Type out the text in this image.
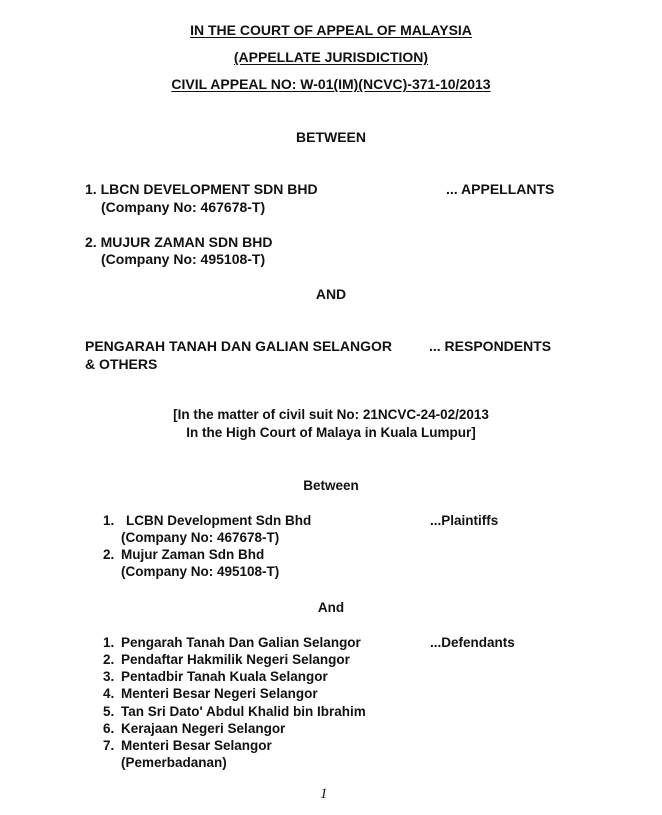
IN THE COURT OF APPEAL OF MALAYSIA
(APPELLATE JURISDICTION)
CIVIL APPEAL NO: W-01(IM)(NCVC)-371-10/2013
BETWEEN
1. LBCN DEVELOPMENT SDN BHD	... APPELLANTS
(Company No: 467678-T)
2. MUJUR ZAMAN SDN BHD
(Company No: 495108-T)
AND
PENGARAH TANAH DAN GALIAN SELANGOR	... RESPONDENTS
& OTHERS
[In the matter of civil suit No: 21NCVC-24-02/2013
In the High Court of Malaya in Kuala Lumpur]
Between
1. LCBN Development Sdn Bhd	...Plaintiffs
(Company No: 467678-T)
2. Mujur Zaman Sdn Bhd
(Company No: 495108-T)
And
1. Pengarah Tanah Dan Galian Selangor	...Defendants
2. Pendaftar Hakmilik Negeri Selangor
3. Pentadbir Tanah Kuala Selangor
4. Menteri Besar Negeri Selangor
5. Tan Sri Dato' Abdul Khalid bin Ibrahim
6. Kerajaan Negeri Selangor
7. Menteri Besar Selangor
(Pemerbadanan)
1
